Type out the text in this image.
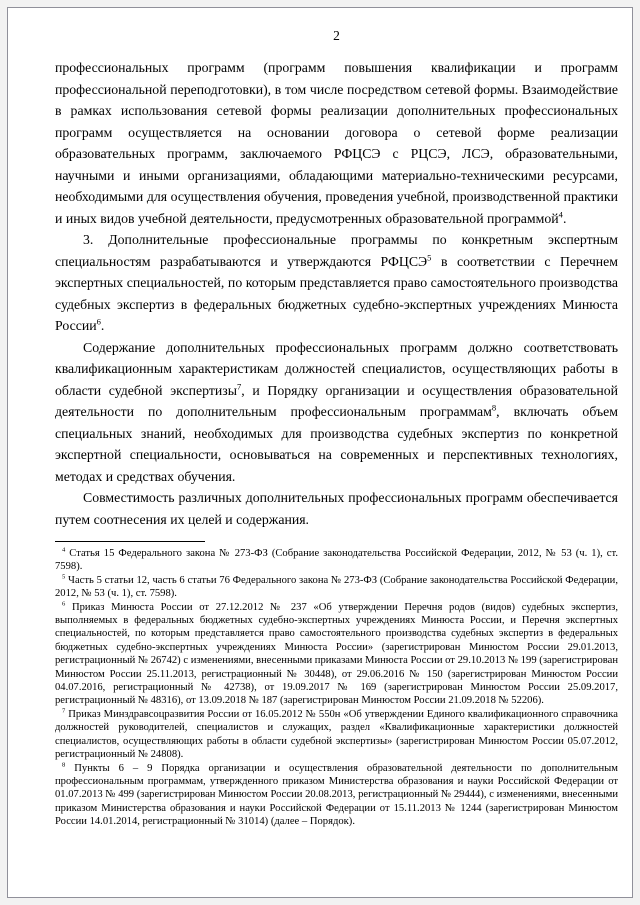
2

профессиональных программ (программ повышения квалификации и программ профессиональной переподготовки), в том числе посредством сетевой формы. Взаимодействие в рамках использования сетевой формы реализации дополнительных профессиональных программ осуществляется на основании договора о сетевой форме реализации образовательных программ, заключаемого РФЦСЭ с РЦСЭ, ЛСЭ, образовательными, научными и иными организациями, обладающими материально-техническими ресурсами, необходимыми для осуществления обучения, проведения учебной, производственной практики и иных видов учебной деятельности, предусмотренных образовательной программой$^4$.

3. Дополнительные профессиональные программы по конкретным экспертным специальностям разрабатываются и утверждаются РФЦСЭ$^5$ в соответствии с Перечнем экспертных специальностей, по которым представляется право самостоятельного производства судебных экспертиз в федеральных бюджетных судебно-экспертных учреждениях Минюста России$^6$.

Содержание дополнительных профессиональных программ должно соответствовать квалификационным характеристикам должностей специалистов, осуществляющих работы в области судебной экспертизы$^7$, и Порядку организации и осуществления образовательной деятельности по дополнительным профессиональным программам$^8$, включать объем специальных знаний, необходимых для производства судебных экспертиз по конкретной экспертной специальности, основываться на современных и перспективных технологиях, методах и средствах обучения.

Совместимость различных дополнительных профессиональных программ обеспечивается путем соотнесения их целей и содержания.

$^4$ Статья 15 Федерального закона № 273-ФЗ (Собрание законодательства Российской Федерации, 2012, № 53 (ч. 1), ст. 7598).

$^5$ Часть 5 статьи 12, часть 6 статьи 76 Федерального закона № 273-ФЗ (Собрание законодательства Российской Федерации, 2012, № 53 (ч. 1), ст. 7598).

$^6$ Приказ Минюста России от 27.12.2012 № 237 «Об утверждении Перечня родов (видов) судебных экспертиз, выполняемых в федеральных бюджетных судебно-экспертных учреждениях Минюста России, и Перечня экспертных специальностей, по которым представляется право самостоятельного производства судебных экспертиз в федеральных бюджетных судебно-экспертных учреждениях Минюста России» (зарегистрирован Минюстом России 29.01.2013, регистрационный № 26742) с изменениями, внесенными приказами Минюста России от 29.10.2013 № 199 (зарегистрирован Минюстом России 25.11.2013, регистрационный № 30448), от 29.06.2016 № 150 (зарегистрирован Минюстом России 04.07.2016, регистрационный № 42738), от 19.09.2017 № 169 (зарегистрирован Минюстом России 25.09.2017, регистрационный № 48316), от 13.09.2018 № 187 (зарегистрирован Минюстом России 21.09.2018 № 52206).

$^7$ Приказ Минздравсоцразвития России от 16.05.2012 № 550н «Об утверждении Единого квалификационного справочника должностей руководителей, специалистов и служащих, раздел «Квалификационные характеристики должностей специалистов, осуществляющих работы в области судебной экспертизы» (зарегистрирован Минюстом России 05.07.2012, регистрационный № 24808).

$^8$ Пункты 6 – 9 Порядка организации и осуществления образовательной деятельности по дополнительным профессиональным программам, утвержденного приказом Министерства образования и науки Российской Федерации от 01.07.2013 № 499 (зарегистрирован Минюстом России 20.08.2013, регистрационный № 29444), с изменениями, внесенными приказом Министерства образования и науки Российской Федерации от 15.11.2013 № 1244 (зарегистрирован Минюстом России 14.01.2014, регистрационный № 31014) (далее – Порядок).
